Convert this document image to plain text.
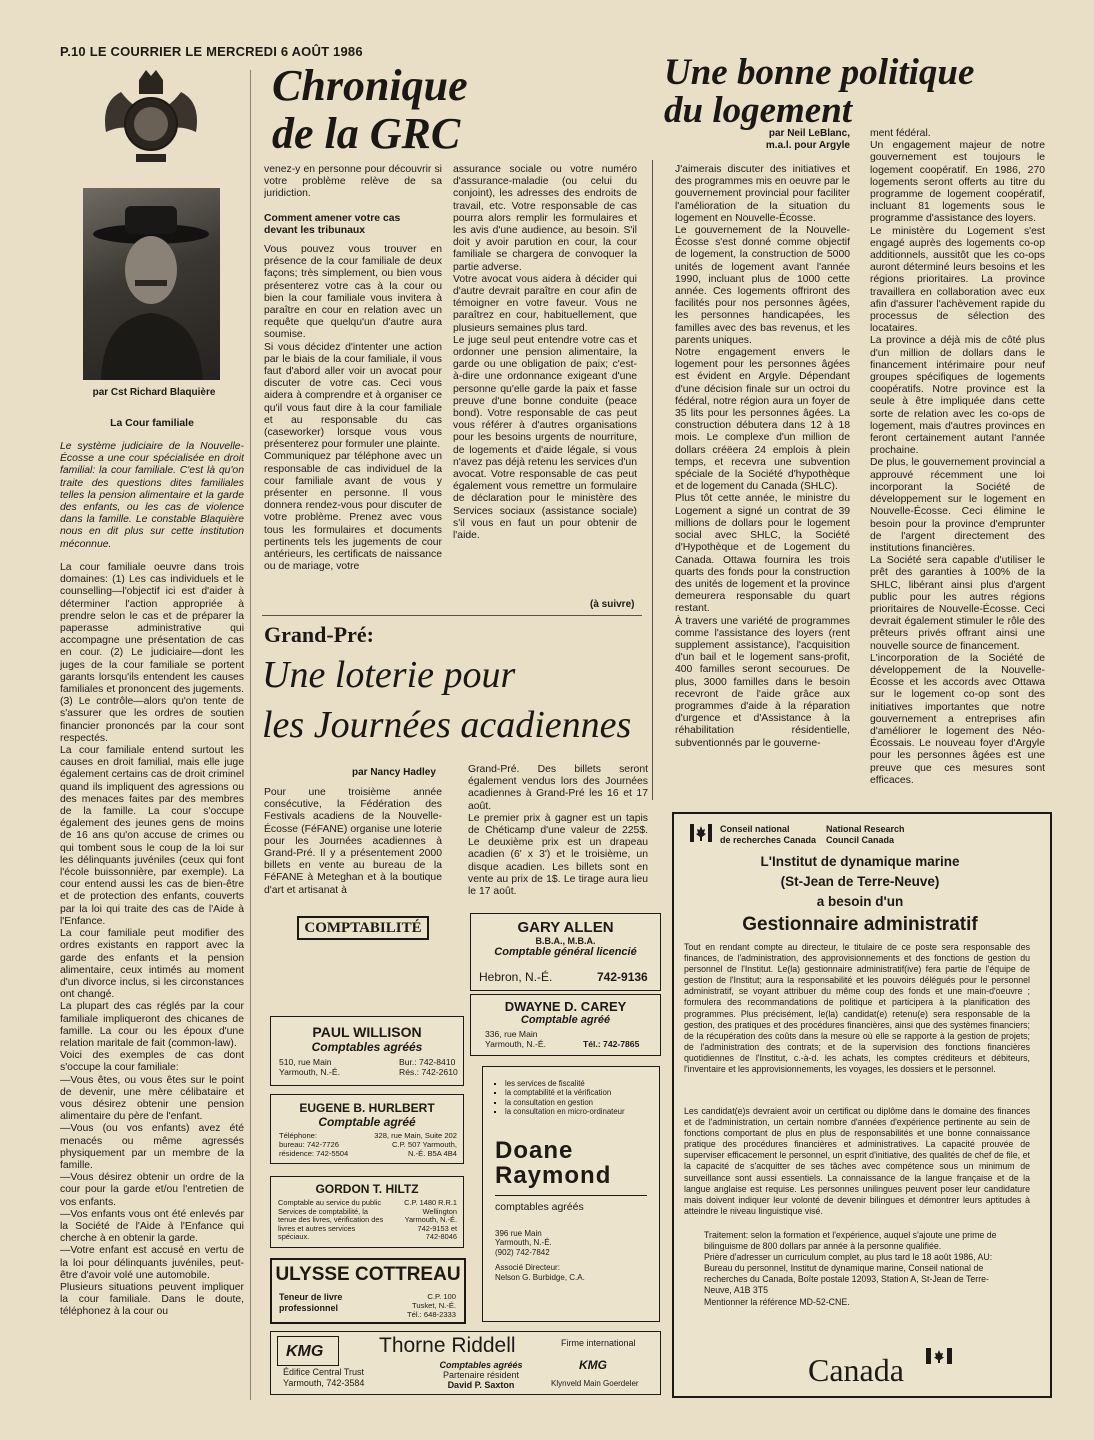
P.10 LE COURRIER LE MERCREDI 6 AOÛT 1986
par Cst Richard Blaquière
Chronique
de la GRC
La Cour familiale
Le système judiciaire de la Nouvelle-Écosse a une cour spécialisée en droit familial: la cour familiale. C'est là qu'on traite des questions dites familiales telles la pension alimentaire et la garde des enfants, ou les cas de violence dans la famille. Le constable Blaquière nous en dit plus sur cette institution méconnue.
La cour familiale oeuvre dans trois domaines: (1) Les cas individuels et le counselling—l'objectif ici est d'aider à déterminer l'action appropriée à prendre selon le cas et de préparer la paperasse administrative qui accompagne une présentation de cas en cour. (2) Le judiciaire—dont les juges de la cour familiale se portent garants lorsqu'ils entendent les causes familiales et prononcent des jugements. (3) Le contrôle—alors qu'on tente de s'assurer que les ordres de soutien financier prononcés par la cour sont respectés.
La cour familiale entend surtout les causes en droit familial, mais elle juge également certains cas de droit criminel quand ils impliquent des agressions ou des menaces faites par des membres de la famille. La cour s'occupe également des jeunes gens de moins de 16 ans qu'on accuse de crimes ou qui tombent sous le coup de la loi sur les délinquants juvéniles (ceux qui font l'école buissonnière, par exemple). La cour entend aussi les cas de bien-être et de protection des enfants, couverts par la loi qui traite des cas de l'Aide à l'Enfance.
La cour familiale peut modifier des ordres existants en rapport avec la garde des enfants et la pension alimentaire, ceux intimés au moment d'un divorce inclus, si les circonstances ont changé.
La plupart des cas réglés par la cour familiale impliqueront des chicanes de famille. La cour ou les époux d'une relation maritale de fait (common-law).
Voici des exemples de cas dont s'occupe la cour familiale:
—Vous êtes, ou vous êtes sur le point de devenir, une mère célibataire et vous désirez obtenir une pension alimentaire du père de l'enfant.
—Vous (ou vos enfants) avez été menacés ou même agressés physiquement par un membre de la famille.
—Vous désirez obtenir un ordre de la cour pour la garde et/ou l'entretien de vos enfants.
—Vos enfants vous ont été enlevés par la Société de l'Aide à l'Enfance qui cherche à en obtenir la garde.
—Votre enfant est accusé en vertu de la loi pour délinquants juvéniles, peut-être d'avoir volé une automobile.
Plusieurs situations peuvent impliquer la cour familiale. Dans le doute, téléphonez à la cour ou
venez-y en personne pour découvrir si votre problème relève de sa juridiction.
Comment amener votre cas devant les tribunaux
Vous pouvez vous trouver en présence de la cour familiale de deux façons; très simplement, ou bien vous présenterez votre cas à la cour ou bien la cour familiale vous invitera à paraître en cour en relation avec un requête que quelqu'un d'autre aura soumise.
Si vous décidez d'intenter une action par le biais de la cour familiale, il vous faut d'abord aller voir un avocat pour discuter de votre cas. Ceci vous aidera à comprendre et à organiser ce qu'il vous faut dire à la cour familiale et au responsable du cas (caseworker) lorsque vous vous présenterez pour formuler une plainte.
Communiquez par téléphone avec un responsable de cas individuel de la cour familiale avant de vous y présenter en personne. Il vous donnera rendez-vous pour discuter de votre problème. Prenez avec vous tous les formulaires et documents pertinents tels les jugements de cour antérieurs, les certificats de naissance ou de mariage, votre
assurance sociale ou votre numéro d'assurance-maladie (ou celui du conjoint), les adresses des endroits de travail, etc. Votre responsable de cas pourra alors remplir les formulaires et les avis d'une audience, au besoin. S'il doit y avoir parution en cour, la cour familiale se chargera de convoquer la partie adverse.
Votre avocat vous aidera à décider qui d'autre devrait paraître en cour afin de témoigner en votre faveur. Vous ne paraîtrez en cour, habituellement, que plusieurs semaines plus tard.
Le juge seul peut entendre votre cas et ordonner une pension alimentaire, la garde ou une obligation de paix; c'est-à-dire une ordonnance exigeant d'une personne qu'elle garde la paix et fasse preuve d'une bonne conduite (peace bond). Votre responsable de cas peut vous référer à d'autres organisations pour les besoins urgents de nourriture, de logements et d'aide légale, si vous n'avez pas déjà retenu les services d'un avocat. Votre responsable de cas peut également vous remettre un formulaire de déclaration pour le ministère des Services sociaux (assistance sociale) s'il vous en faut un pour obtenir de l'aide.
(à suivre)
Une bonne politique
du logement
par Neil LeBlanc,
m.a.l. pour Argyle
J'aimerais discuter des initiatives et des programmes mis en oeuvre par le gouvernement provincial pour faciliter l'amélioration de la situation du logement en Nouvelle-Écosse.
Le gouvernement de la Nouvelle-Écosse s'est donné comme objectif de logement, la construction de 5000 unités de logement avant l'année 1990, incluant plus de 1000 cette année. Ces logements offriront des facilités pour nos personnes âgées, les personnes handicapées, les familles avec des bas revenus, et les parents uniques.
Notre engagement envers le logement pour les personnes âgées est évident en Argyle. Dépendant d'une décision finale sur un octroi du fédéral, notre région aura un foyer de 35 lits pour les personnes âgées. La construction débutera dans 12 à 18 mois. Le complexe d'un million de dollars créëera 24 emplois à plein temps, et recevra une subvention spéciale de la Société d'hypothèque et de logement du Canada (SHLC).
Plus tôt cette année, le ministre du Logement a signé un contrat de 39 millions de dollars pour le logement social avec SHLC, la Société d'Hypothèque et de Logement du Canada. Ottawa fournira les trois quarts des fonds pour la construction des unités de logement et la province demeurera responsable du quart restant.
À travers une variété de programmes comme l'assistance des loyers (rent supplement assistance), l'acquisition d'un bail et le logement sans-profit, 400 familles seront secourues. De plus, 3000 familles dans le besoin recevront de l'aide grâce aux programmes d'aide à la réparation d'urgence et d'Assistance à la réhabilitation résidentielle, subventionnés par le gouverne-
ment fédéral.
Un engagement majeur de notre gouvernement est toujours le logement coopératif. En 1986, 270 logements seront offerts au titre du programme de logement coopératif, incluant 81 logements sous le programme d'assistance des loyers.
Le ministère du Logement s'est engagé auprès des logements co-op additionnels, aussitôt que les co-ops auront déterminé leurs besoins et les régions prioritaires. La province travaillera en collaboration avec eux afin d'assurer l'achèvement rapide du processus de sélection des locataires.
La province a déjà mis de côté plus d'un million de dollars dans le financement intérimaire pour neuf groupes spécifiques de logements coopératifs. Notre province est la seule à être impliquée dans cette sorte de relation avec les co-ops de logement, mais d'autres provinces en feront certainement autant l'année prochaine.
De plus, le gouvernement provincial a approuvé récemment une loi incorporant la Société de développement sur le logement en Nouvelle-Écosse. Ceci élimine le besoin pour la province d'emprunter de l'argent directement des institutions financières.
La Société sera capable d'utiliser le prêt des garanties à 100% de la SHLC, libérant ainsi plus d'argent public pour les autres régions prioritaires de Nouvelle-Écosse. Ceci devrait également stimuler le rôle des prêteurs privés offrant ainsi une nouvelle source de financement.
L'incorporation de la Société de développement de la Nouvelle-Écosse et les accords avec Ottawa sur le logement co-op sont des initiatives importantes que notre gouvernement a entreprises afin d'améliorer le logement des Néo-Écossais. Le nouveau foyer d'Argyle pour les personnes âgées est une preuve que ces mesures sont efficaces.
Grand-Pré:
Une loterie pour
les Journées acadiennes
par Nancy Hadley
Pour une troisième année consécutive, la Fédération des Festivals acadiens de la Nouvelle-Écosse (FéFANE) organise une loterie pour les Journées acadiennes à Grand-Pré. Il y a présentement 2000 billets en vente au bureau de la FéFANE à Meteghan et à la boutique d'art et artisanat à
Grand-Pré. Des billets seront également vendus lors des Journées acadiennes à Grand-Pré les 16 et 17 août.
Le premier prix à gagner est un tapis de Chéticamp d'une valeur de 225$. Le deuxième prix est un drapeau acadien (6' x 3') et le troisième, un disque acadien. Les billets sont en vente au prix de 1$. Le tirage aura lieu le 17 août.
COMPTABILITÉ
PAUL WILLISON
Comptables agréés
510, rue Main
Yarmouth, N.-É.
Bur.: 742-8410
Rés.: 742-2610
EUGENE B. HURLBERT
Comptable agréé
Téléphone:
bureau: 742-7726
résidence: 742-5504
328, rue Main, Suite 202
C.P. 507 Yarmouth,
N.-É. B5A 4B4
GORDON T. HILTZ
Comptable au service du public
Services de comptabilité, la tenue des livres, vérification des livres et autres services spéciaux.
C.P. 1480 R.R.1
Wellington
Yarmouth, N.-É.
742-9153 et
742-8046
ULYSSE COTTREAU
Teneur de livre
professionnel
C.P. 100
Tusket, N.-É.
Tél.: 648-2333
GARY ALLEN
B.B.A., M.B.A.
Comptable général licencié
Hebron, N.-É.	742-9136
DWAYNE D. CAREY
Comptable agréé
336, rue Main
Yarmouth, N.-É.	Tél.: 742-7865
▪ les services de fiscalité
▪ la comptabilité et la vérification
▪ la consultation en gestion
▪ la consultation en micro-ordinateur
Doane
Raymond
comptables agréés
396 rue Main
Yarmouth, N.-É.
(902) 742-7842
Associé Directeur:
Nelson G. Burbidge, C.A.
KMG
Édifice Central Trust
Yarmouth, 742-3584
Thorne Riddell
Comptables agréés
Partenaire résident
David P. Saxton
Firme international
KMG
Klynveld Main Goerdeler
Conseil national
de recherches Canada
National Research
Council Canada
L'Institut de dynamique marine
(St-Jean de Terre-Neuve)
a besoin d'un
Gestionnaire administratif
Tout en rendant compte au directeur, le titulaire de ce poste sera responsable des finances, de l'administration, des approvisionnements et des fonctions de gestion du personnel de l'Institut. Le(la) gestionnaire administratif(ive) fera partie de l'équipe de gestion de l'Institut; aura la responsabilité et les pouvoirs délégués pour le personnel administratif, se voyant attribuer du même coup des fonds et une main-d'oeuvre ; formulera des recommandations de politique et participera à la planification des programmes. Plus précisément, le(la) candidat(e) retenu(e) sera responsable de la gestion, des pratiques et des procédures financières, ainsi que des systèmes financiers; de la récupération des coûts dans la mesure où elle se rapporte à la gestion de projets; de l'administration des contrats; et de la supervision des fonctions financières quotidiennes de l'Institut, c.-à-d. les achats, les comptes créditeurs et débiteurs, l'inventaire et les approvisionnements, les voyages, les dossiers et le personnel.
Les candidat(e)s devraient avoir un certificat ou diplôme dans le domaine des finances et de l'administration, un certain nombre d'années d'expérience pertinente au sein de fonctions comportant de plus en plus de responsabilités et une bonne connaissance pratique des procédures financières et administratives. La capacité prouvée de superviser efficacement le personnel, un esprit d'initiative, des qualités de chef de file, et la capacité de s'acquitter de ses tâches avec compétence sous un minimum de surveillance sont aussi essentiels. La connaissance de la langue française et de la langue anglaise est requise. Les personnes unilingues peuvent poser leur candidature mais doivent indiquer leur volonté de devenir bilingues et démontrer leurs aptitudes à atteindre le niveau linguistique visé.
Traitement: selon la formation et l'expérience, auquel s'ajoute une prime de bilinguisme de 800 dollars par année à la personne qualifiée.
Prière d'adresser un curriculum complet, au plus tard le 18 août 1986, AU: Bureau du personnel, Institut de dynamique marine, Conseil national de recherches du Canada, Boîte postale 12093, Station A, St-Jean de Terre-Neuve, A1B 3T5
Mentionner la référence MD-52-CNE.
Canada
